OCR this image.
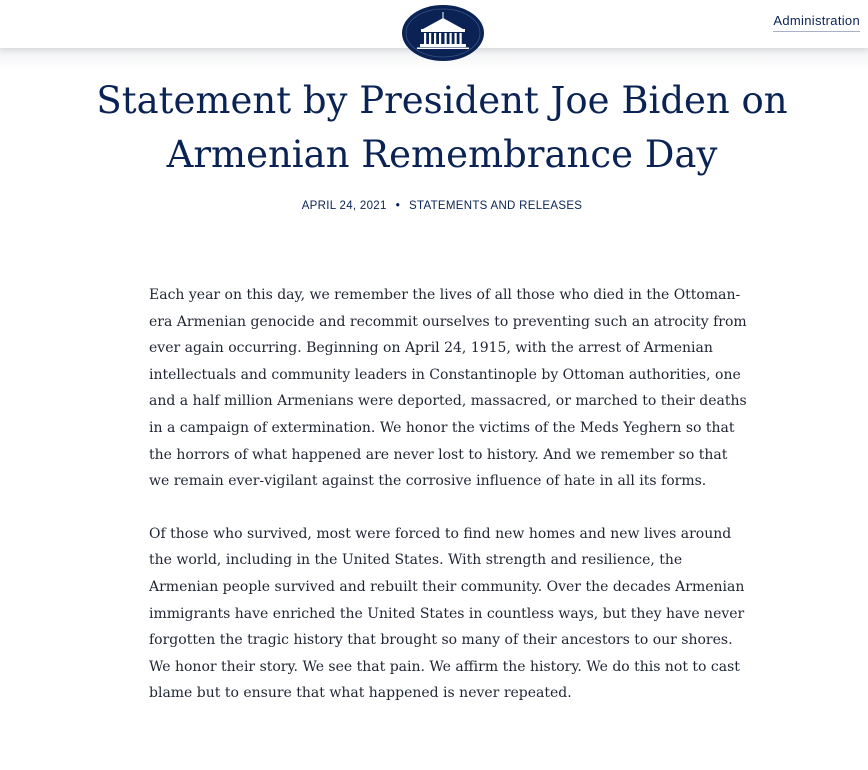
Administration
Statement by President Joe Biden on Armenian Remembrance Day
APRIL 24, 2021 • STATEMENTS AND RELEASES

Each year on this day, we remember the lives of all those who died in the Ottoman-era Armenian genocide and recommit ourselves to preventing such an atrocity from ever again occurring. Beginning on April 24, 1915, with the arrest of Armenian intellectuals and community leaders in Constantinople by Ottoman authorities, one and a half million Armenians were deported, massacred, or marched to their deaths in a campaign of extermination. We honor the victims of the Meds Yeghern so that the horrors of what happened are never lost to history. And we remember so that we remain ever-vigilant against the corrosive influence of hate in all its forms.

Of those who survived, most were forced to find new homes and new lives around the world, including in the United States. With strength and resilience, the Armenian people survived and rebuilt their community. Over the decades Armenian immigrants have enriched the United States in countless ways, but they have never forgotten the tragic history that brought so many of their ancestors to our shores. We honor their story. We see that pain. We affirm the history. We do this not to cast blame but to ensure that what happened is never repeated.
